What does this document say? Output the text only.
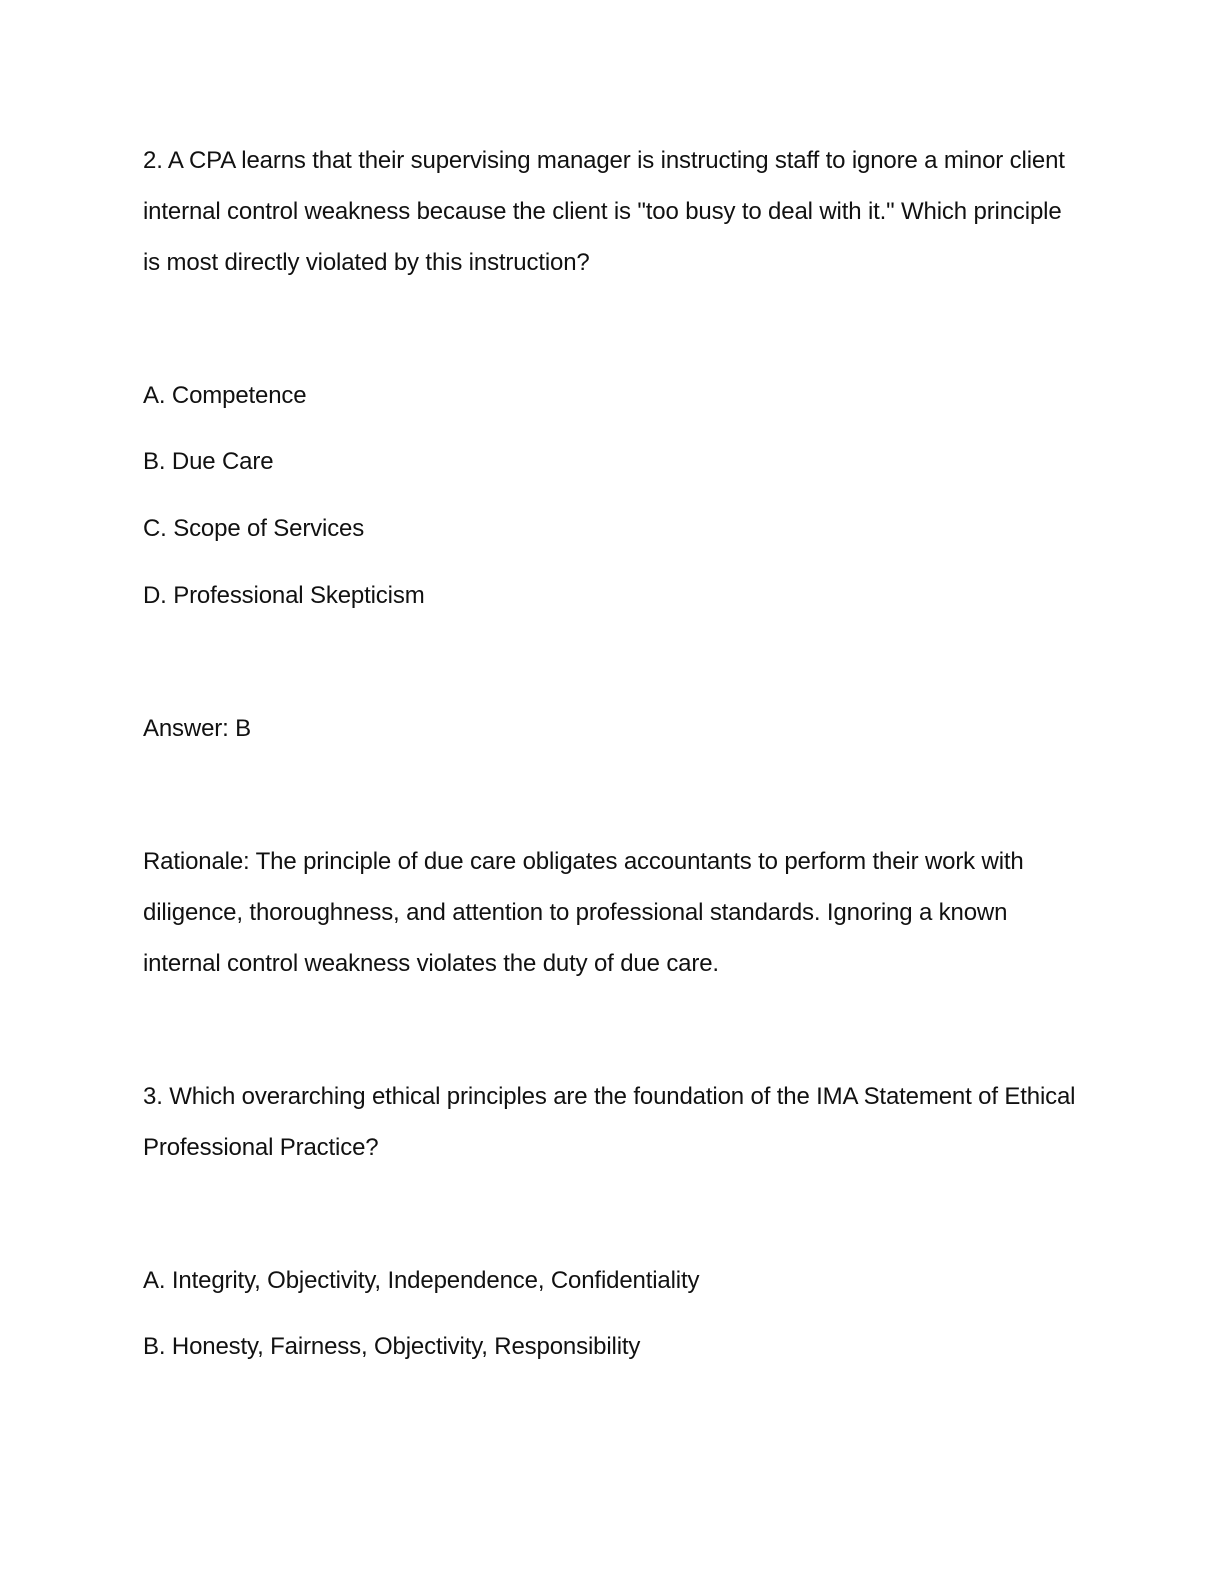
2. A CPA learns that their supervising manager is instructing staff to ignore a minor client internal control weakness because the client is "too busy to deal with it." Which principle is most directly violated by this instruction?

A. Competence

B. Due Care

C. Scope of Services

D. Professional Skepticism

Answer: B

Rationale: The principle of due care obligates accountants to perform their work with diligence, thoroughness, and attention to professional standards. Ignoring a known internal control weakness violates the duty of due care.

3. Which overarching ethical principles are the foundation of the IMA Statement of Ethical Professional Practice?

A. Integrity, Objectivity, Independence, Confidentiality

B. Honesty, Fairness, Objectivity, Responsibility
